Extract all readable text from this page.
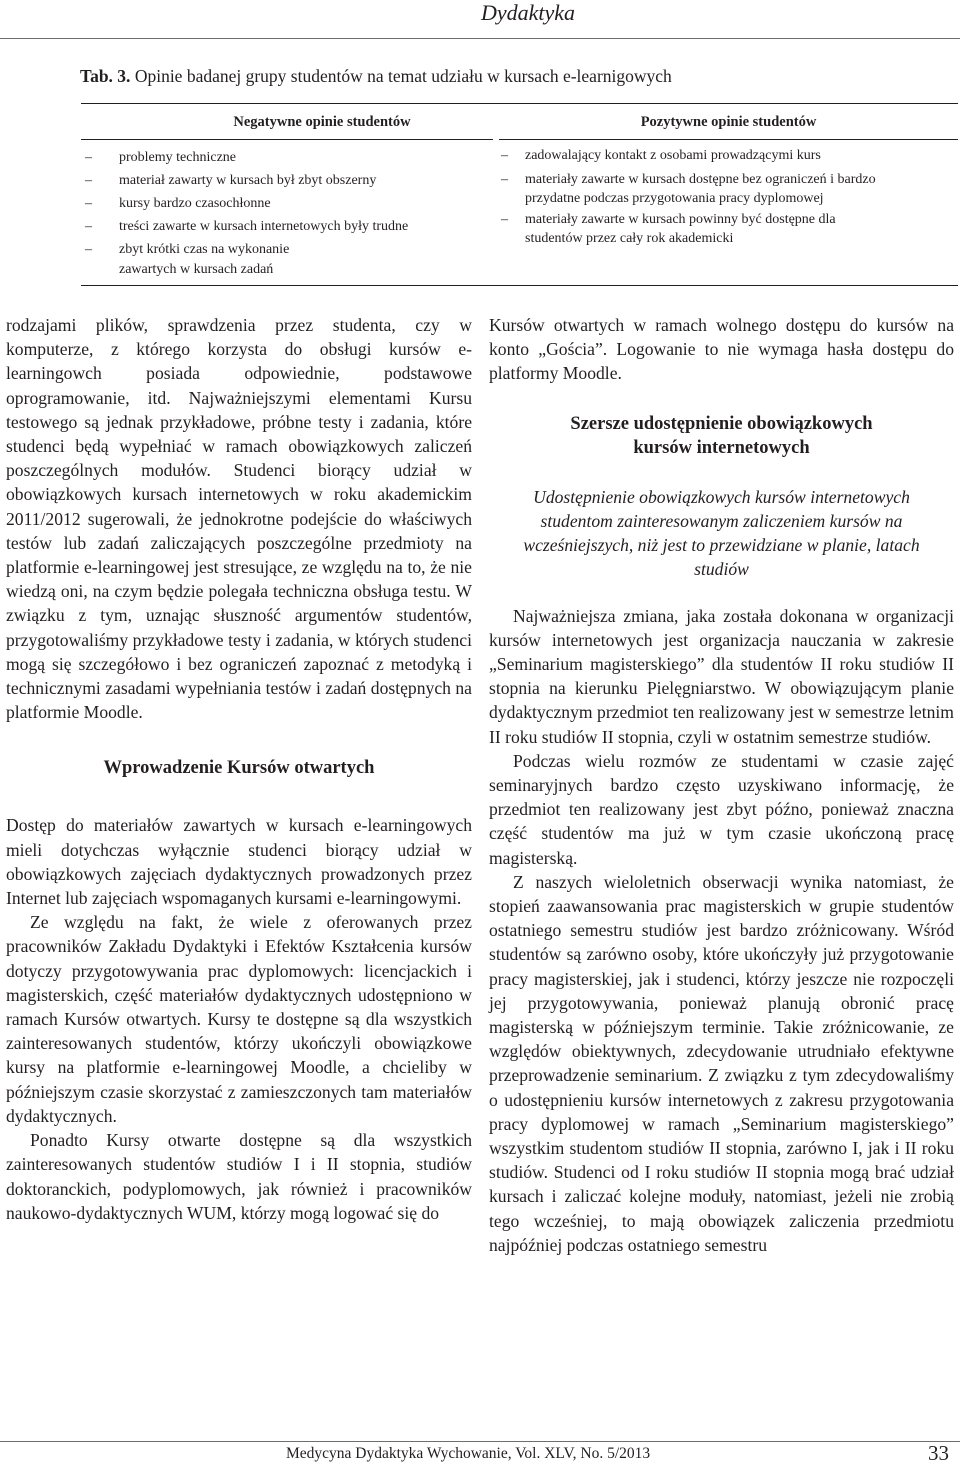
Dydaktyka
Tab. 3. Opinie badanej grupy studentów na temat udziału w kursach e-learnigowych
Negatywne opinie studentów
– problemy techniczne
– materiał zawarty w kursach był zbyt obszerny
– kursy bardzo czasochłonne
– treści zawarte w kursach internetowych były trudne
– zbyt krótki czas na wykonanie zawartych w kursach zadań
Pozytywne opinie studentów
– zadowalający kontakt z osobami prowadzącymi kurs
– materiały zawarte w kursach dostępne bez ograniczeń i bardzo przydatne podczas przygotowania pracy dyplomowej
– materiały zawarte w kursach powinny być dostępne dla studentów przez cały rok akademicki

rodzajami plików, sprawdzenia przez studenta, czy w komputerze, z którego korzysta do obsługi kursów e-learningowch posiada odpowiednie, podstawowe oprogramowanie, itd. Najważniejszymi elementami Kursu testowego są jednak przykładowe, próbne testy i zadania, które studenci będą wypełniać w ramach obowiązkowych zaliczeń poszczególnych modułów. Studenci biorący udział w obowiązkowych kursach internetowych w roku akademickim 2011/2012 sugerowali, że jednokrotne podejście do właściwych testów lub zadań zaliczających poszczególne przedmioty na platformie e-learningowej jest stresujące, ze względu na to, że nie wiedzą oni, na czym będzie polegała techniczna obsługa testu. W związku z tym, uznając słuszność argumentów studentów, przygotowaliśmy przykładowe testy i zadania, w których studenci mogą się szczegółowo i bez ograniczeń zapoznać z metodyką i technicznymi zasadami wypełniania testów i zadań dostępnych na platformie Moodle.

Wprowadzenie Kursów otwartych

Dostęp do materiałów zawartych w kursach e-learningowych mieli dotychczas wyłącznie studenci biorący udział w obowiązkowych zajęciach dydaktycznych prowadzonych przez Internet lub zajęciach wspomaganych kursami e-learningowymi.

Ze względu na fakt, że wiele z oferowanych przez pracowników Zakładu Dydaktyki i Efektów Kształcenia kursów dotyczy przygotowywania prac dyplomowych: licencjackich i magisterskich, część materiałów dydaktycznych udostępniono w ramach Kursów otwartych. Kursy te dostępne są dla wszystkich zainteresowanych studentów, którzy ukończyli obowiązkowe kursy na platformie e-learningowej Moodle, a chcieliby w późniejszym czasie skorzystać z zamieszczonych tam materiałów dydaktycznych.

Ponadto Kursy otwarte dostępne są dla wszystkich zainteresowanych studentów studiów I i II stopnia, studiów doktoranckich, podyplomowych, jak również i pracowników naukowo-dydaktycznych WUM, którzy mogą logować się do

Kursów otwartych w ramach wolnego dostępu do kursów na konto „Gościa”. Logowanie to nie wymaga hasła dostępu do platformy Moodle.

Szersze udostępnienie obowiązkowych kursów internetowych

Udostępnienie obowiązkowych kursów internetowych studentom zainteresowanym zaliczeniem kursów na wcześniejszych, niż jest to przewidziane w planie, latach studiów

Najważniejsza zmiana, jaka została dokonana w organizacji kursów internetowych jest organizacja nauczania w zakresie „Seminarium magisterskiego” dla studentów II roku studiów II stopnia na kierunku Pielęgniarstwo. W obowiązującym planie dydaktycznym przedmiot ten realizowany jest w semestrze letnim II roku studiów II stopnia, czyli w ostatnim semestrze studiów.

Podczas wielu rozmów ze studentami w czasie zajęć seminaryjnych bardzo często uzyskiwano informację, że przedmiot ten realizowany jest zbyt późno, ponieważ znaczna część studentów ma już w tym czasie ukończoną pracę magisterską.

Z naszych wieloletnich obserwacji wynika natomiast, że stopień zaawansowania prac magisterskich w grupie studentów ostatniego semestru studiów jest bardzo zróżnicowany. Wśród studentów są zarówno osoby, które ukończyły już przygotowanie pracy magisterskiej, jak i studenci, którzy jeszcze nie rozpoczęli jej przygotowywania, ponieważ planują obronić pracę magisterską w późniejszym terminie. Takie zróżnicowanie, ze względów obiektywnych, zdecydowanie utrudniało efektywne przeprowadzenie seminarium. Z związku z tym zdecydowaliśmy o udostępnieniu kursów internetowych z zakresu przygotowania pracy dyplomowej w ramach „Seminarium magisterskiego” wszystkim studentom studiów II stopnia, zarówno I, jak i II roku studiów. Studenci od I roku studiów II stopnia mogą brać udział kursach i zaliczać kolejne moduły, natomiast, jeżeli nie zrobią tego wcześniej, to mają obowiązek zaliczenia przedmiotu najpóźniej podczas ostatniego semestru

Medycyna Dydaktyka Wychowanie, Vol. XLV, No. 5/2013	33
